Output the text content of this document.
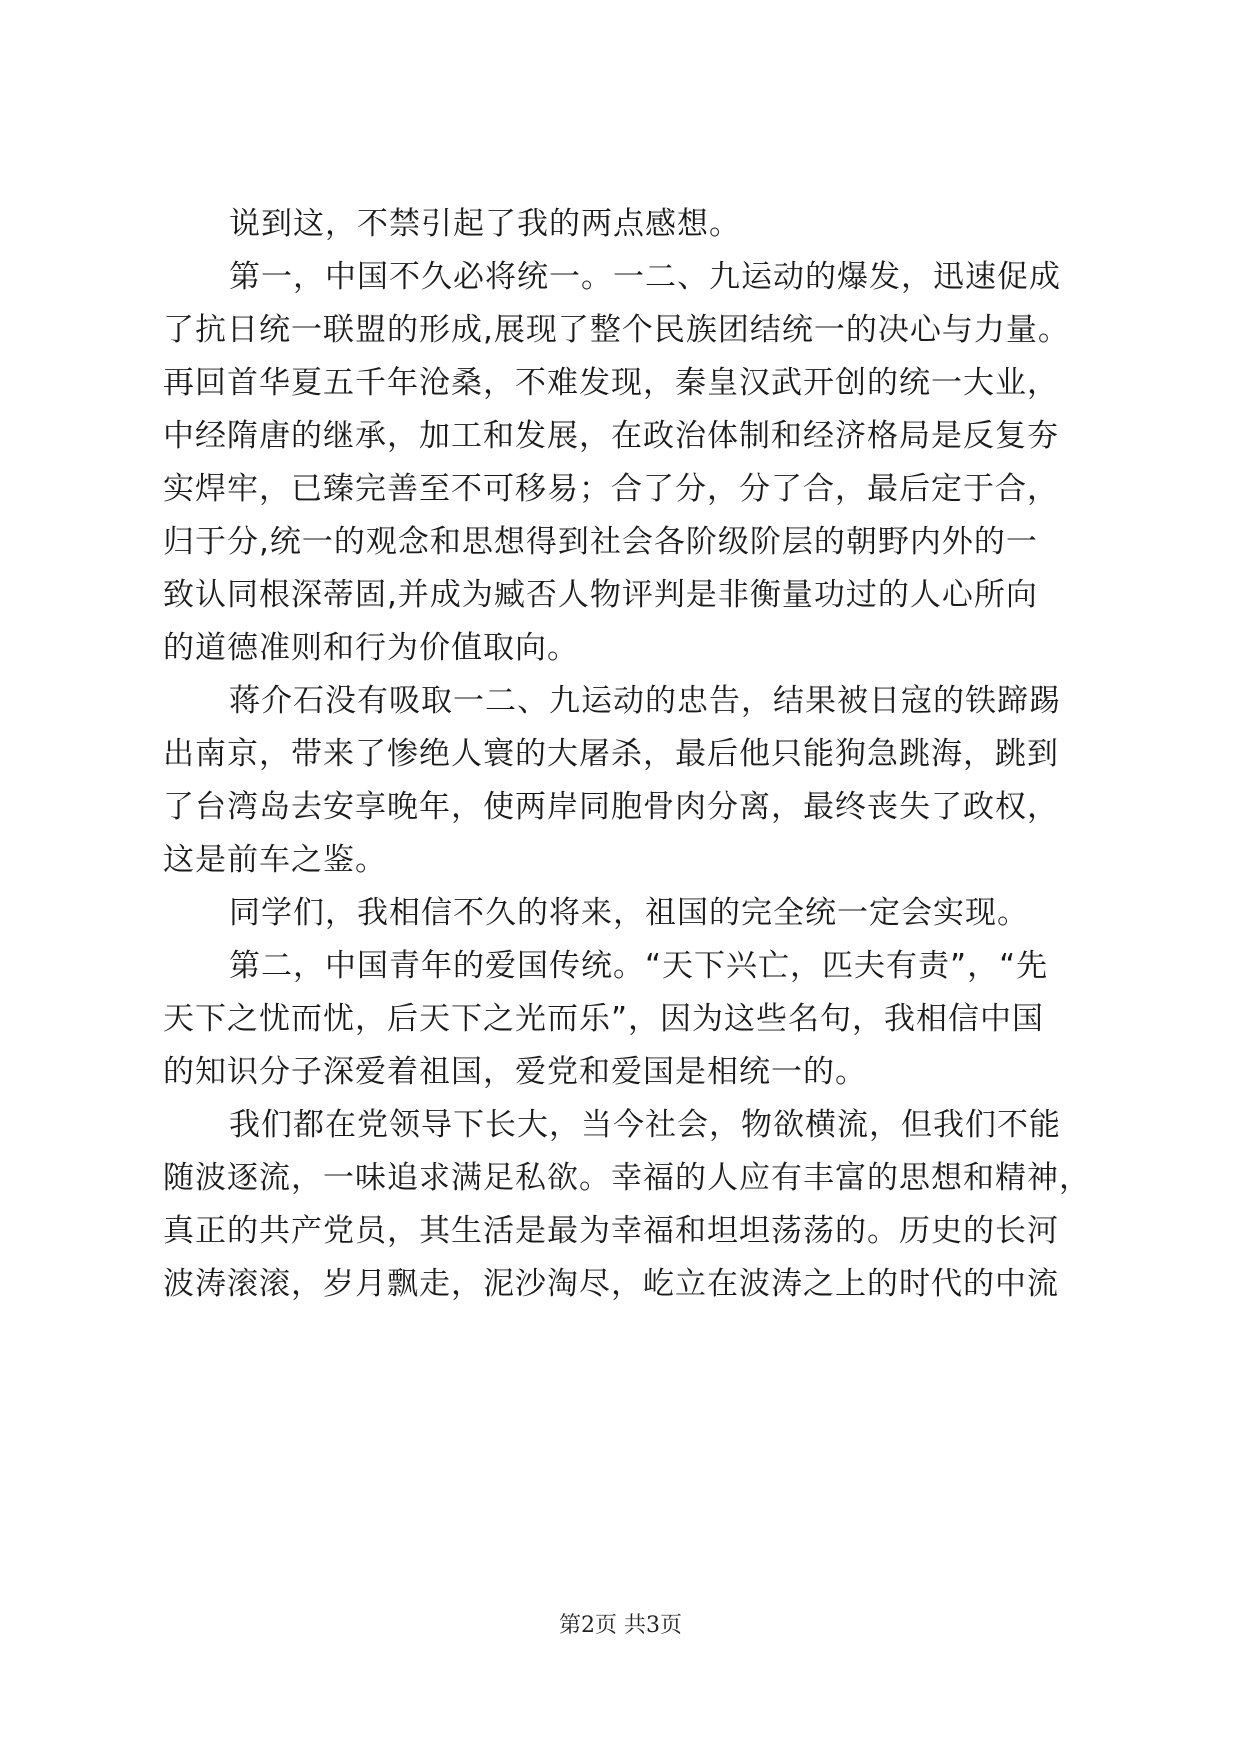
说到这，不禁引起了我的两点感想。
第一，中国不久必将统一。一二、九运动的爆发，迅速促成
了抗日统一联盟的形成,展现了整个民族团结统一的决心与力量。
再回首华夏五千年沧桑，不难发现，秦皇汉武开创的统一大业，
中经隋唐的继承，加工和发展，在政治体制和经济格局是反复夯
实焊牢，已臻完善至不可移易；合了分，分了合，最后定于合，
归于分,统一的观念和思想得到社会各阶级阶层的朝野内外的一
致认同根深蒂固,并成为臧否人物评判是非衡量功过的人心所向
的道德准则和行为价值取向。
蒋介石没有吸取一二、九运动的忠告，结果被日寇的铁蹄踢
出南京，带来了惨绝人寰的大屠杀，最后他只能狗急跳海，跳到
了台湾岛去安享晚年，使两岸同胞骨肉分离，最终丧失了政权，
这是前车之鉴。
同学们，我相信不久的将来，祖国的完全统一定会实现。
第二，中国青年的爱国传统。“天下兴亡，匹夫有责”，“先
天下之忧而忧，后天下之光而乐”，因为这些名句，我相信中国
的知识分子深爱着祖国，爱党和爱国是相统一的。
我们都在党领导下长大，当今社会，物欲横流，但我们不能
随波逐流，一味追求满足私欲。幸福的人应有丰富的思想和精神，
真正的共产党员，其生活是最为幸福和坦坦荡荡的。历史的长河
波涛滚滚，岁月飘走，泥沙淘尽，屹立在波涛之上的时代的中流
第2页 共3页
